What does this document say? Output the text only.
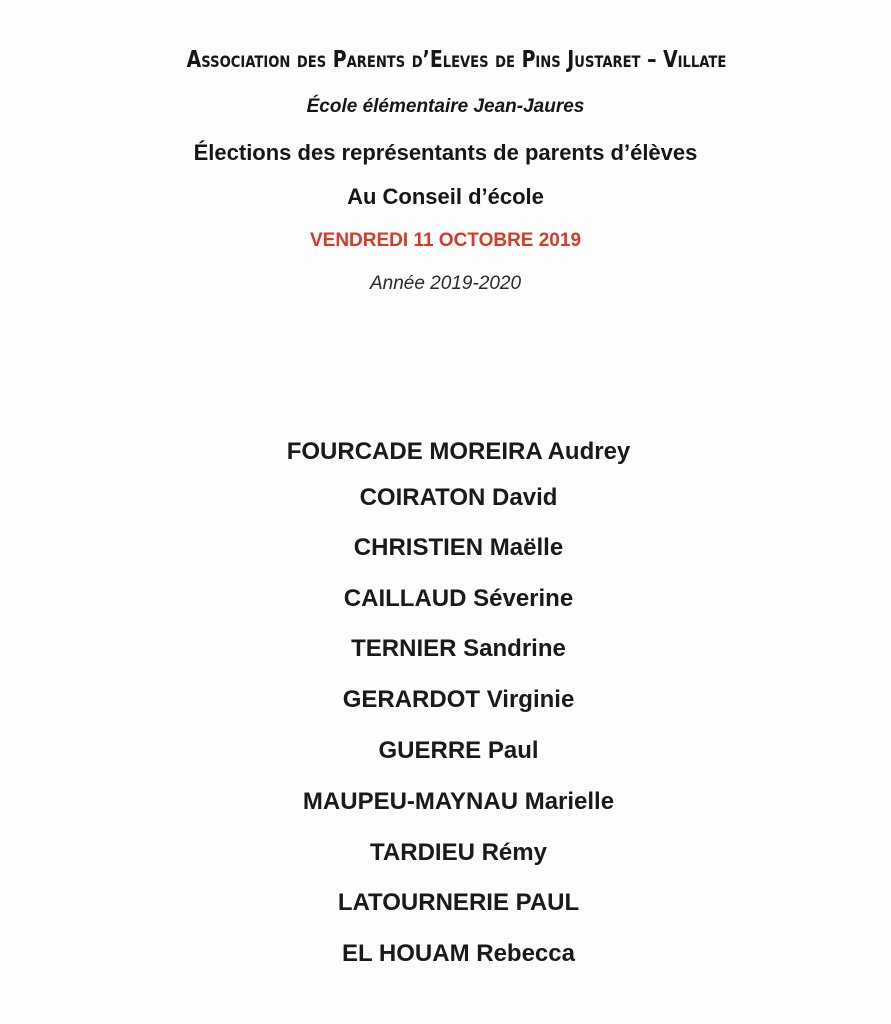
Association des Parents d’Eleves de Pins Justaret – Villate
École élémentaire Jean-Jaures
Élections des représentants de parents d’élèves
Au Conseil d’école
VENDREDI 11 OCTOBRE 2019
Année 2019-2020
FOURCADE MOREIRA Audrey
COIRATON David
CHRISTIEN Maëlle
CAILLAUD Séverine
TERNIER Sandrine
GERARDOT Virginie
GUERRE Paul
MAUPEU-MAYNAU Marielle
TARDIEU Rémy
LATOURNERIE PAUL
EL HOUAM Rebecca
